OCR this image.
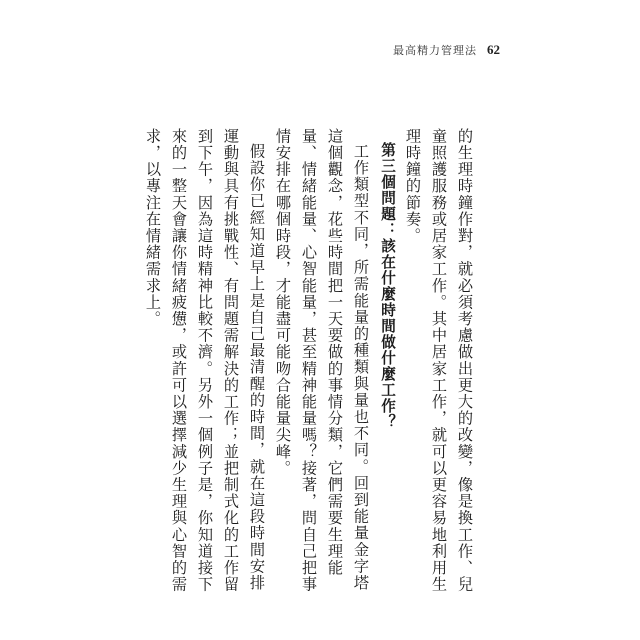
最高精力管理法 62

的生理時鐘作對，就必須考慮做出更大的改變，像是換工作、兒童照護服務或居家工作。其中居家工作，就可以更容易地利用生理時鐘的節奏。

第三個問題：該在什麼時間做什麼工作？

工作類型不同，所需能量的種類與量也不同。回到能量金字塔這個觀念，花些時間把一天要做的事情分類，它們需要生理能量、情緒能量、心智能量，甚至精神能量嗎？接著，問自己把事情安排在哪個時段，才能盡可能吻合能量尖峰。

假設你已經知道早上是自己最清醒的時間，就在這段時間安排運動與具有挑戰性、有問題需解決的工作；並把制式化的工作留到下午，因為這時精神比較不濟。另外一個例子是，你知道接下來的一整天會讓你情緒疲憊，或許可以選擇減少生理與心智的需求，以專注在情緒需求上。
